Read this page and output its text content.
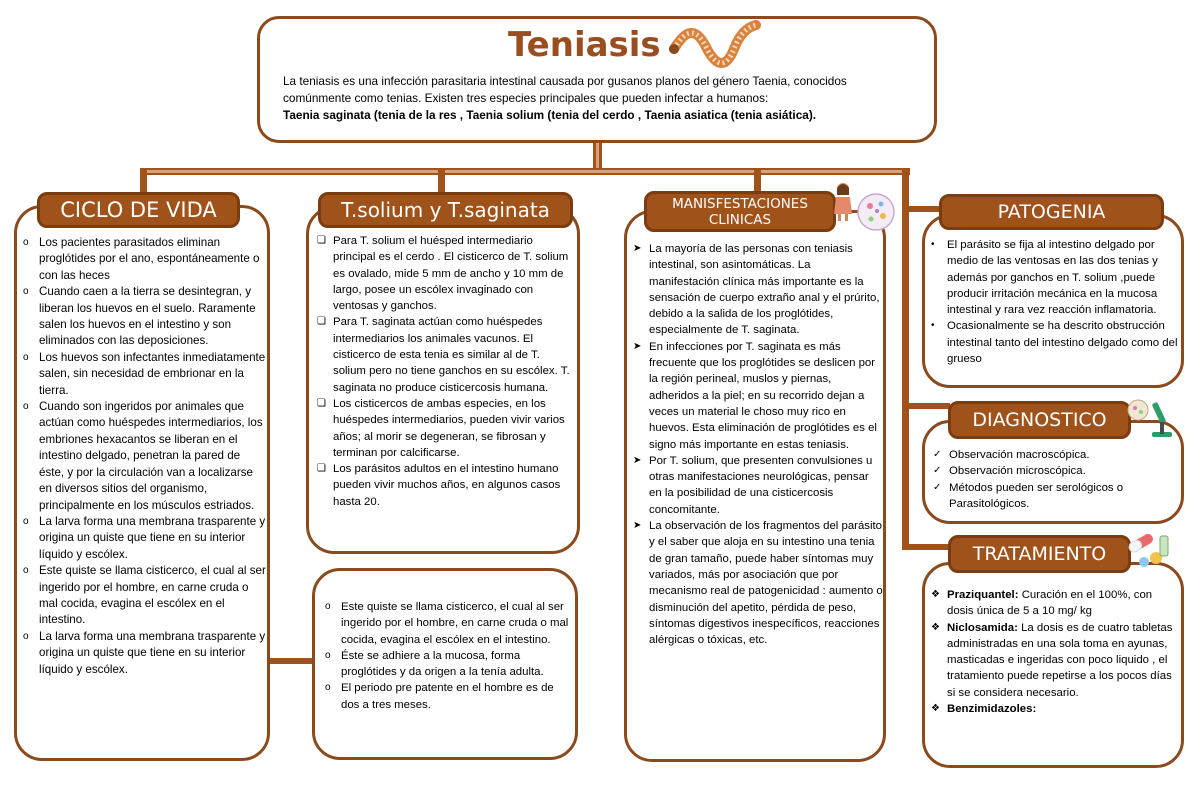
Teniasis
La teniasis es una infección parasitaria intestinal causada por gusanos planos del género Taenia, conocidos
comúnmente como tenias. Existen tres especies principales que pueden infectar a humanos:
Taenia saginata (tenia de la res , Taenia solium (tenia del cerdo , Taenia asiatica (tenia asiática).
o Los pacientes parasitados eliminan proglótides por el ano, espontáneamente o con las heces
o Cuando caen a la tierra se desintegran, y liberan los huevos en el suelo. Raramente salen los huevos en el intestino y son eliminados con las deposiciones.
o Los huevos son infectantes inmediatamente salen, sin necesidad de embrionar en la tierra.
o Cuando son ingeridos por animales que actúan como huéspedes intermediarios, los embriones hexacantos se liberan en el intestino delgado, penetran la pared de éste, y por la circulación van a localizarse en diversos sitios del organismo, principalmente en los músculos estriados.
o La larva forma una membrana trasparente y origina un quiste que tiene en su interior líquido y escólex.
o Este quiste se llama cisticerco, el cual al ser ingerido por el hombre, en carne cruda o mal cocida, evagina el escólex en el intestino.
o La larva forma una membrana trasparente y origina un quiste que tiene en su interior líquido y escólex.
CICLO DE VIDA
❏ Para T. solium el huésped intermediario principal es el cerdo . El cisticerco de T. solium es ovalado, mide 5 mm de ancho y 10 mm de largo, posee un escólex invaginado con ventosas y ganchos.
❏ Para T. saginata actúan como huéspedes intermediarios los animales vacunos. El cisticerco de esta tenia es similar al de T. solium pero no tiene ganchos en su escólex. T. saginata no produce cisticercosis humana.
❏ Los cisticercos de ambas especies, en los huéspedes intermediarios, pueden vivir varios años; al morir se degeneran, se fibrosan y terminan por calcificarse.
❏ Los parásitos adultos en el intestino humano pueden vivir muchos años, en algunos casos hasta 20.
T.solium y T.saginata
o Este quiste se llama cisticerco, el cual al ser ingerido por el hombre, en carne cruda o mal cocida, evagina el escólex en el intestino.
o Éste se adhiere a la mucosa, forma proglótides y da origen a la tenía adulta.
o El periodo pre patente en el hombre es de dos a tres meses.
➤ La mayoría de las personas con teniasis intestinal, son asintomáticas. La manifestación clínica más importante es la sensación de cuerpo extraño anal y el prúrito, debido a la salida de los proglótides, especialmente de T. saginata.
➤ En infecciones por T. saginata es más frecuente que los proglótides se deslicen por la región perineal, muslos y piernas, adheridos a la piel; en su recorrido dejan a veces un material le choso muy rico en huevos. Esta eliminación de proglótides es el signo más importante en estas teniasis.
➤ Por T. solium, que presenten convulsiones u otras manifestaciones neurológicas, pensar en la posibilidad de una cisticercosis concomitante.
➤ La observación de los fragmentos del parásito y el saber que aloja en su intestino una tenia de gran tamaño, puede haber síntomas muy variados, más por asociación que por mecanismo real de patogenicidad : aumento o disminución del apetito, pérdida de peso, síntomas digestivos inespecíficos, reacciones alérgicas o tóxicas, etc.
MANISFESTACIONES
CLINICAS
• El parásito se fija al intestino delgado por medio de las ventosas en las dos tenias y además por ganchos en T. solium ,puede producir irritación mecánica en la mucosa intestinal y rara vez reacción inflamatoria.
• Ocasionalmente se ha descrito obstrucción intestinal tanto del intestino delgado como del grueso
PATOGENIA
✓ Observación macroscópica.
✓ Observación microscópica.
✓ Métodos pueden ser serológicos o Parasitológicos.
DIAGNOSTICO
❖ Praziquantel: Curación en el 100%, con dosis única de 5 a 10 mg/ kg
❖ Niclosamida: La dosis es de cuatro tabletas administradas en una sola toma en ayunas, masticadas e ingeridas con poco liquido , el tratamiento puede repetirse a los pocos días si se considera necesario.
❖ Benzimidazoles:
TRATAMIENTO
